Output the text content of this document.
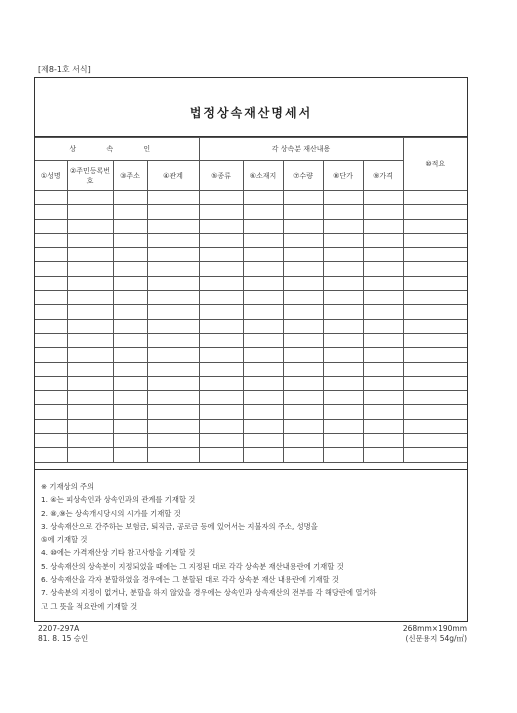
[제8-1호 서식]
법정상속재산명세서
상 속 인				각 상속분 재산내용					⑩적요
①성명	②주민등록번호	③주소	④관계	⑤종류	⑥소재지	⑦수량	⑧단가	⑨가격	

※ 기재상의 주의
1. ④는 피상속인과 상속인과의 관계를 기재할 것
2. ⑧,⑨는 상속개시당시의 시가를 기재할 것
3. 상속재산으로 간주하는 보험금, 퇴직금, 공로금 등에 있어서는 지불자의 주소, 성명을
⑤에 기재할 것
4. ⑩에는 가격재산상 기타 참고사항을 기재할 것
5. 상속재산의 상속분이 지정되었을 때에는 그 지정된 대로 각각 상속분 재산내용란에 기재할 것
6. 상속재산을 각자 분할하였을 경우에는 그 분할된 대로 각각 상속분 재산 내용란에 기재할 것
7. 상속분의 지정이 없거나, 분할을 하지 않았을 경우에는 상속인과 상속재산의 전부를 각 해당란에 열거하
고 그 뜻을 적요란에 기재할 것
2207-297A
81. 8. 15 승인
268mm×190mm
(신문용지 54g/㎡)
